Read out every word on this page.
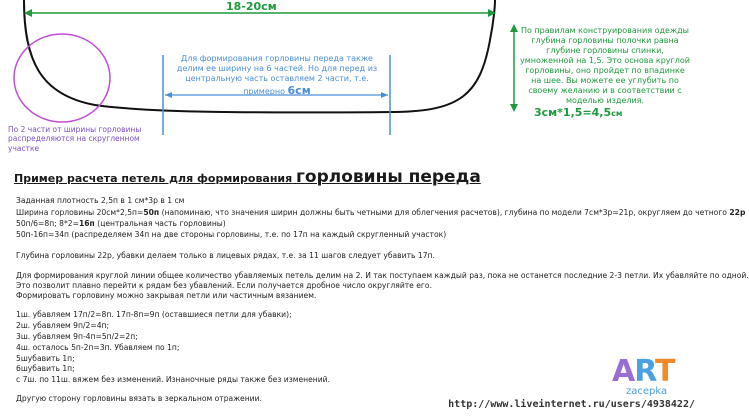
18-20см
Для формирования горловины переда также делим ее ширину на 6 частей. Но для перед из центральную часть оставляем 2 части, т.е. примерно 6см
По правилам конструирования одежды глубина горловины полочки равна глубине горловины спинки, умноженной на 1,5. Это основа круглой горловины, оно пройдет по впадинке на шее. Вы можете ее углубить по своему желанию и в соответствии с моделью изделия.
3см*1,5=4,5см
По 2 части от ширины горловины распределяются на скругленном участке
Пример расчета петель для формирования горловины переда
Заданная плотность 2,5п в 1 см*3р в 1 см
Ширина горловины 20см*2,5п=50п (напоминаю, что значения ширин должны быть четными для облегчения расчетов), глубина по модели 7см*3р=21р, округляем до четного 22р
50п/6=8п; 8*2=16п (центральная часть горловины)
50п-16п=34п (распределяем 34п на две стороны горловины, т.е. по 17п на каждый скругленный участок)
Глубина горловины 22р, убавки делаем только в лицевых рядах, т.е. за 11 шагов следует убавить 17п.
Для формирования круглой линии общее количество убавляемых петель делим на 2. И так поступаем каждый раз, пока не останется последние 2-3 петли. Их убавляйте по одной.
Это позволит плавно перейти к рядам без убавлений. Если получается дробное число округляйте его.
Формировать горловину можно закрывая петли или частичным вязанием.
1ш. убавляем 17п/2=8п. 17п-8п=9п (оставшиеся петли для убавки);
2ш. убавляем 9п/2=4п;
3ш. убавляем 9п-4п=5п/2=2п;
4ш. осталось 5п-2п=3п. Убавляем по 1п;
5шубавить 1п;
6шубавить 1п;
с 7ш. по 11ш. вяжем без изменений. Изнаночные ряды также без изменений.
Другую сторону горловины вязать в зеркальном отражении.
ART
zacepka
http://www.liveinternet.ru/users/4938422/
